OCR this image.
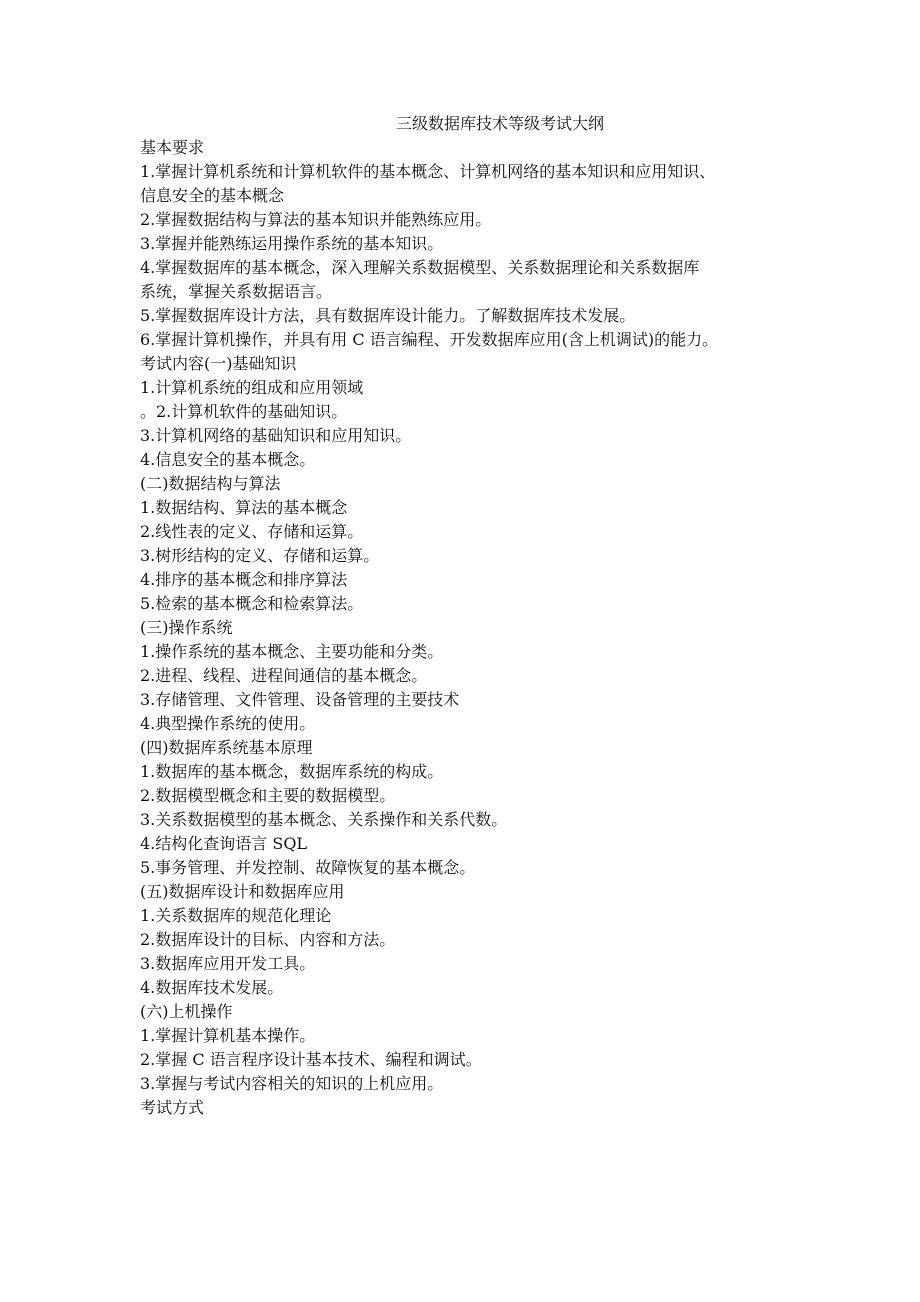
三级数据库技术等级考试大纲

基本要求

1.掌握计算机系统和计算机软件的基本概念、计算机网络的基本知识和应用知识、

信息安全的基本概念

2.掌握数据结构与算法的基本知识并能熟练应用。

3.掌握并能熟练运用操作系统的基本知识。

4.掌握数据库的基本概念，深入理解关系数据模型、关系数据理论和关系数据库

系统，掌握关系数据语言。

5.掌握数据库设计方法，具有数据库设计能力。了解数据库技术发展。

6.掌握计算机操作，并具有用 C 语言编程、开发数据库应用(含上机调试)的能力。

考试内容(一)基础知识

1.计算机系统的组成和应用领域

。2.计算机软件的基础知识。

3.计算机网络的基础知识和应用知识。

4.信息安全的基本概念。

(二)数据结构与算法

1.数据结构、算法的基本概念

2.线性表的定义、存储和运算。

3.树形结构的定义、存储和运算。

4.排序的基本概念和排序算法

5.检索的基本概念和检索算法。

(三)操作系统

1.操作系统的基本概念、主要功能和分类。

2.进程、线程、进程间通信的基本概念。

3.存储管理、文件管理、设备管理的主要技术

4.典型操作系统的使用。

(四)数据库系统基本原理

1.数据库的基本概念，数据库系统的构成。

2.数据模型概念和主要的数据模型。

3.关系数据模型的基本概念、关系操作和关系代数。

4.结构化查询语言 SQL

5.事务管理、并发控制、故障恢复的基本概念。

(五)数据库设计和数据库应用

1.关系数据库的规范化理论

2.数据库设计的目标、内容和方法。

3.数据库应用开发工具。

4.数据库技术发展。

(六)上机操作

1.掌握计算机基本操作。

2.掌握 C 语言程序设计基本技术、编程和调试。

3.掌握与考试内容相关的知识的上机应用。

考试方式
